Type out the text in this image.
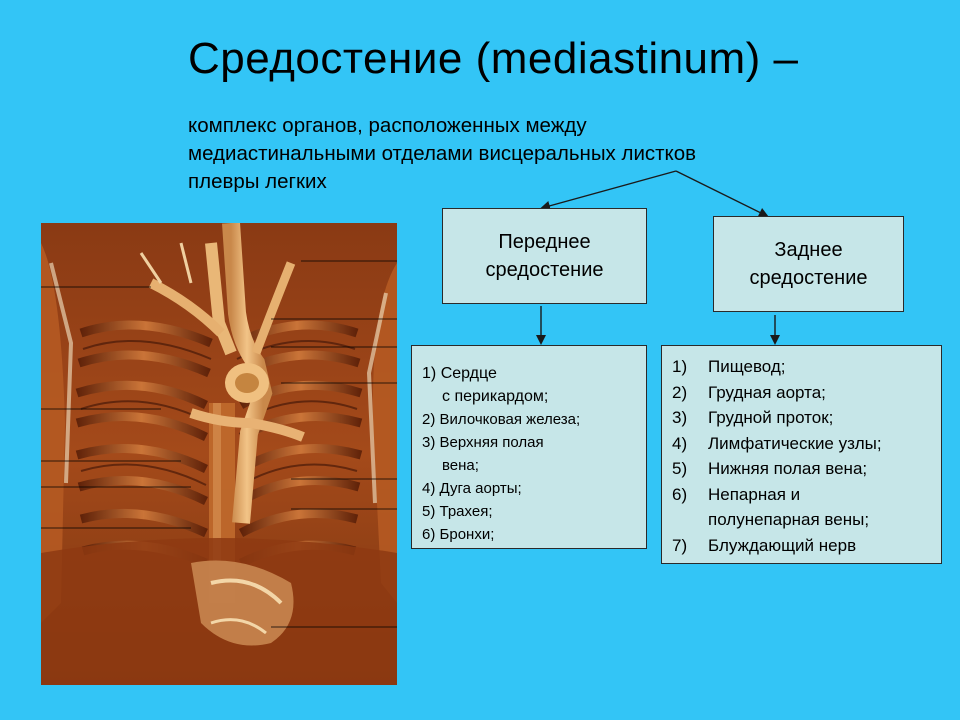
Средостение (mediastinum) –
комплекс органов, расположенных между медиастинальными отделами висцеральных листков плевры легких
Переднее средостение
Заднее средостение
1) Сердце
с перикардом;
2) Вилочковая железа;
3) Верхняя полая
вена;
4) Дуга аорты;
5) Трахея;
6) Бронхи;
1)	Пищевод;
2)	Грудная аорта;
3)	Грудной проток;
4)	Лимфатические узлы;
5)	Нижняя полая вена;
6)	Непарная и
полунепарная вены;
7)	Блуждающий нерв
